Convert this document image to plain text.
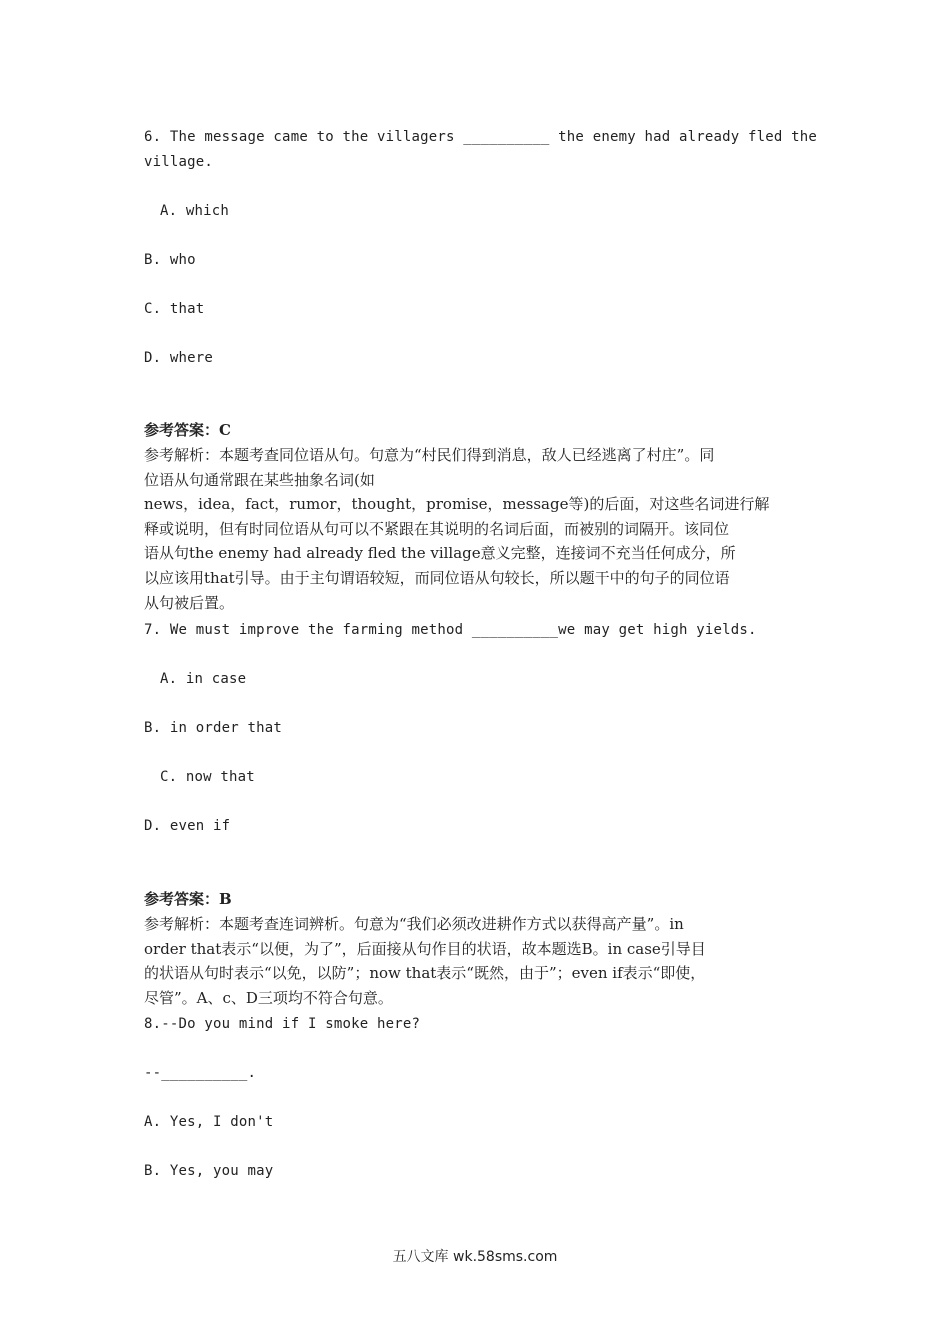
6. The message came to the villagers __________ the enemy had already fled the
village.
A. which
B. who
C. that
D. where
参考答案：C
参考解析：本题考查同位语从句。句意为“村民们得到消息，敌人已经逃离了村庄”。同
位语从句通常跟在某些抽象名词(如
news，idea，fact，rumor，thought，promise，message等)的后面，对这些名词进行解
释或说明，但有时同位语从句可以不紧跟在其说明的名词后面，而被别的词隔开。该同位
语从句the enemy had already fled the village意义完整，连接词不充当任何成分，所
以应该用that引导。由于主句谓语较短，而同位语从句较长，所以题干中的句子的同位语
从句被后置。
7. We must improve the farming method __________we may get high yields.
A. in case
B. in order that
C. now that
D. even if
参考答案：B
参考解析：本题考查连词辨析。句意为“我们必须改进耕作方式以获得高产量”。in
order that表示“以便，为了”，后面接从句作目的状语，故本题选B。in case引导目
的状语从句时表示“以免，以防”；now that表示“既然，由于”；even if表示“即使，
尽管”。A、c、D三项均不符合句意。
8.--Do you mind if I smoke here?
--__________.
A. Yes, I don't
B. Yes, you may
五八文库 wk.58sms.com
